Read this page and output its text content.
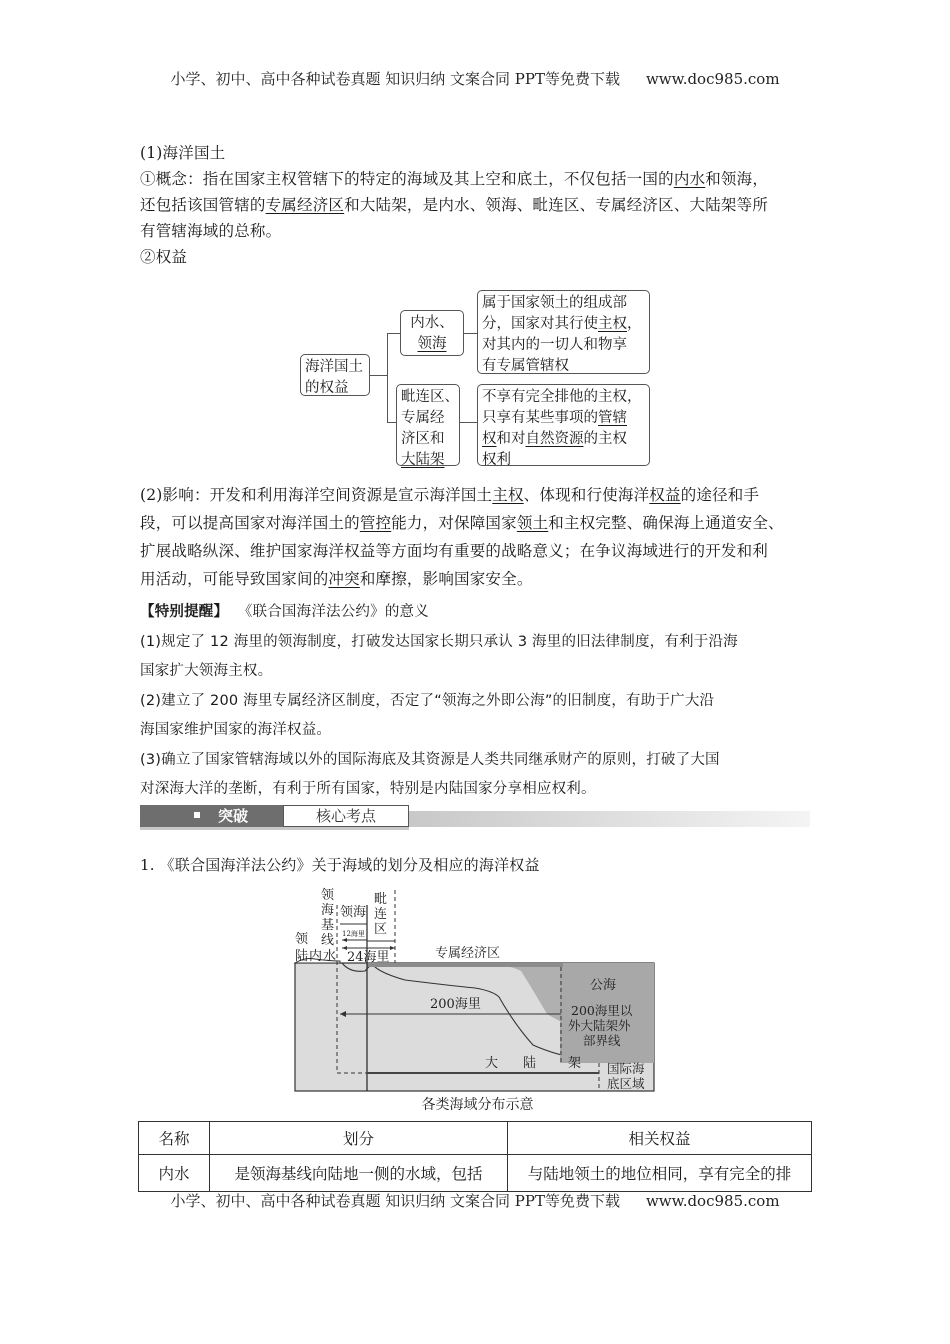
小学、初中、高中各种试卷真题 知识归纳 文案合同 PPT等免费下载 www.doc985.com
(1)海洋国土
①概念：指在国家主权管辖下的特定的海域及其上空和底土，不仅包括一国的内水和领海，
还包括该国管辖的专属经济区和大陆架，是内水、领海、毗连区、专属经济区、大陆架等所
有管辖海域的总称。
②权益
海洋国土
的权益
内水、
领海
属于国家领土的组成部
分，国家对其行使主权，
对其内的一切人和物享
有专属管辖权
毗连区、
专属经
济区和
大陆架
不享有完全排他的主权，
只享有某些事项的管辖
权和对自然资源的主权
权利
(2)影响：开发和利用海洋空间资源是宣示海洋国土主权、体现和行使海洋权益的途径和手
段，可以提高国家对海洋国土的管控能力，对保障国家领土和主权完整、确保海上通道安全、
扩展战略纵深、维护国家海洋权益等方面均有重要的战略意义；在争议海域进行的开发和利
用活动，可能导致国家间的冲突和摩擦，影响国家安全。
【特别提醒】 《联合国海洋法公约》的意义
(1)规定了 12 海里的领海制度，打破发达国家长期只承认 3 海里的旧法律制度，有利于沿海
国家扩大领海主权。
(2)建立了 200 海里专属经济区制度，否定了“领海之外即公海”的旧制度，有助于广大沿
海国家维护国家的海洋权益。
(3)确立了国家管辖海域以外的国际海底及其资源是人类共同继承财产的原则，打破了大国
对深海大洋的垄断，有利于所有国家，特别是内陆国家分享相应权利。
突破	核心考点
1. 《联合国海洋法公约》关于海域的划分及相应的海洋权益
领
陆
领
海
基
线
内 水
领海
12海里
毗
连
区
24海里	专属经济区
200海里
公海
200海里以
外大陆架外
部界线
大 陆 架 国际海
底区域
各类海域分布示意
名称	划分	相关权益
内水	是领海基线向陆地一侧的水域，包括	与陆地领土的地位相同，享有完全的排
小学、初中、高中各种试卷真题 知识归纳 文案合同 PPT等免费下载 www.doc985.com
